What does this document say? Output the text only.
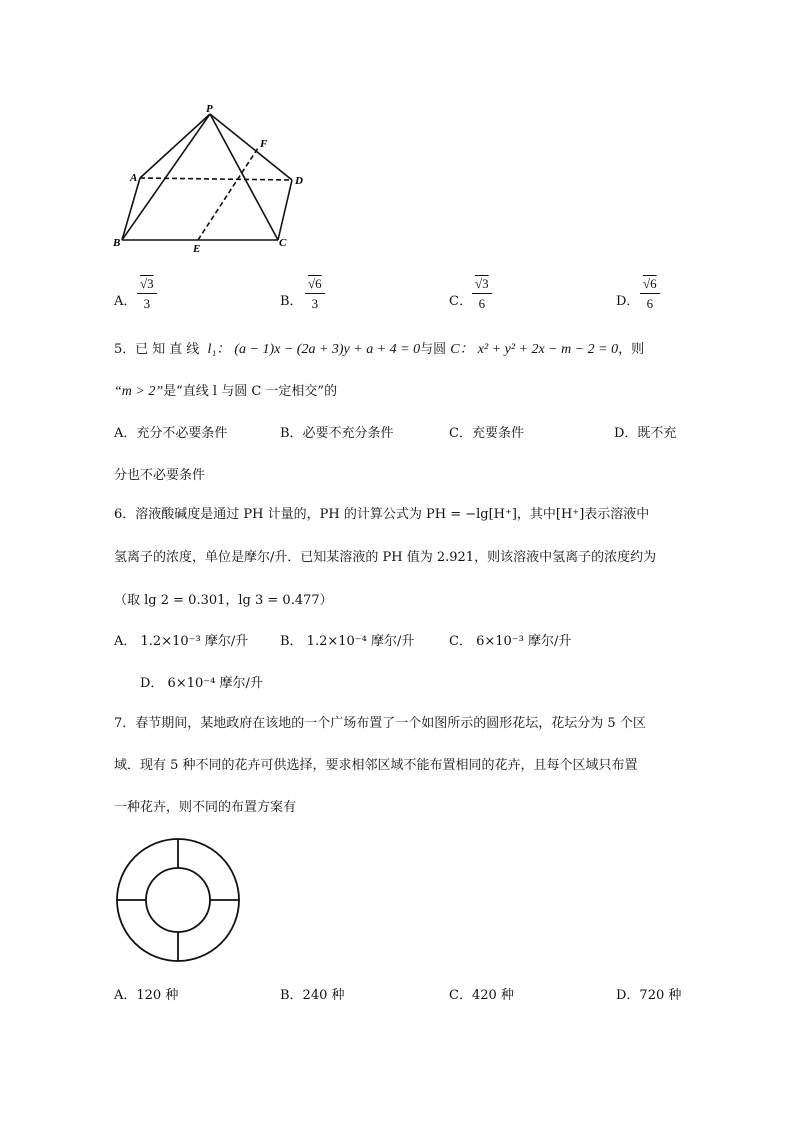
P
F
A	D
B	E	C
A． $\frac{√3}{3}$	B． $\frac{√6}{3}$	C． $\frac{√3}{6}$	D． $\frac{√6}{6}$
5．已知直线 l₁： (a − 1)x − (2a + 3)y + a + 4 = 0与圆 C： x² + y² + 2x − m − 2 = 0，则
“m > 2”是“直线 l 与圆 C 一定相交”的
A．充分不必要条件	B．必要不充分条件	C．充要条件	D．既不充
分也不必要条件
6．溶液酸碱度是通过 PH 计量的，PH 的计算公式为 PH = −lg[H⁺]，其中[H⁺]表示溶液中
氢离子的浓度，单位是摩尔/升．已知某溶液的 PH 值为 2.921，则该溶液中氢离子的浓度约为
（取 lg 2 = 0.301，lg 3 = 0.477）
A． 1.2×10⁻³ 摩尔/升 B． 1.2×10⁻⁴ 摩尔/升	C． 6×10⁻³ 摩尔/升
D． 6×10⁻⁴ 摩尔/升
7．春节期间，某地政府在该地的一个广场布置了一个如图所示的圆形花坛，花坛分为 5 个区
域．现有 5 种不同的花卉可供选择，要求相邻区域不能布置相同的花卉，且每个区域只布置
一种花卉，则不同的布置方案有
A．120 种	B．240 种	C．420 种	D．720 种
